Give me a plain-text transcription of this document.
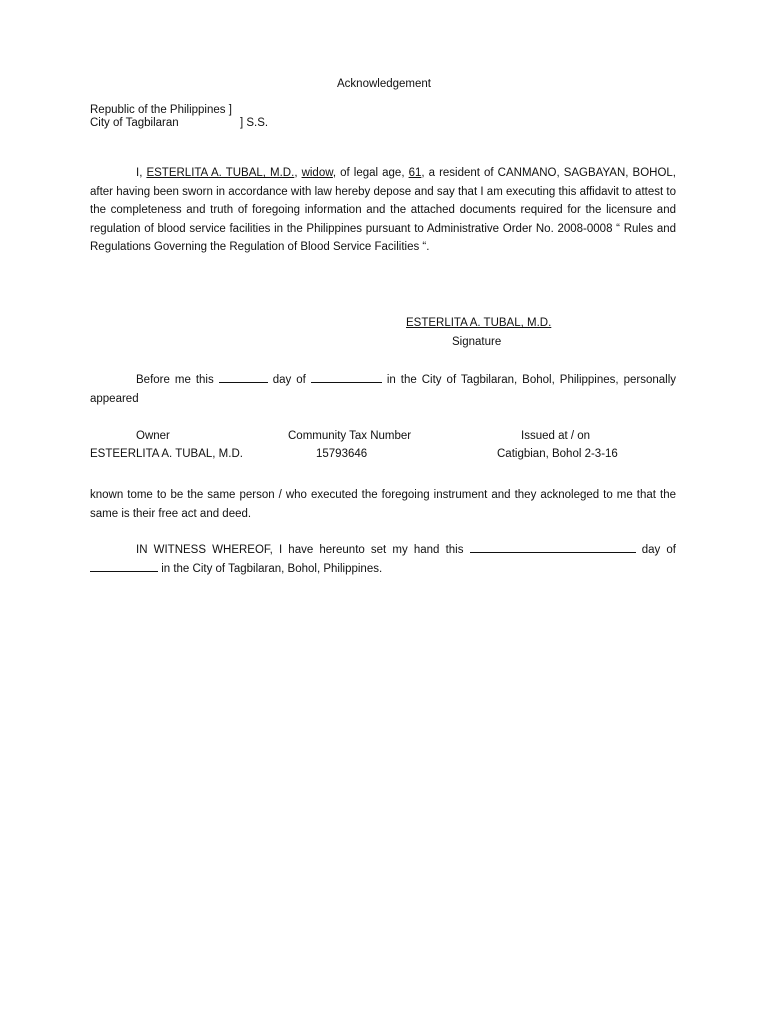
Acknowledgement
Republic of the Philippines ]
City of Tagbilaran	] S.S.

I, ESTERLITA A. TUBAL, M.D., widow, of legal age, 61, a resident of CANMANO, SAGBAYAN, BOHOL, after having been sworn in accordance with law hereby depose and say that I am executing this affidavit to attest to the completeness and truth of foregoing information and the attached documents required for the licensure and regulation of blood service facilities in the Philippines pursuant to Administrative Order No. 2008-0008 “ Rules and Regulations Governing the Regulation of Blood Service Facilities “.

ESTERLITA A. TUBAL, M.D.
Signature

Before me this	day of	in the City of Tagbilaran, Bohol, Philippines, personally appeared

Owner	Community Tax Number	Issued at / on
ESTEERLITA A. TUBAL, M.D.	15793646	Catigbian, Bohol 2-3-16

known tome to be the same person / who executed the foregoing instrument and they acknoleged to me that the same is their free act and deed.

IN WITNESS WHEREOF, I have hereunto set my hand this	day of  in the City of Tagbilaran, Bohol, Philippines.
